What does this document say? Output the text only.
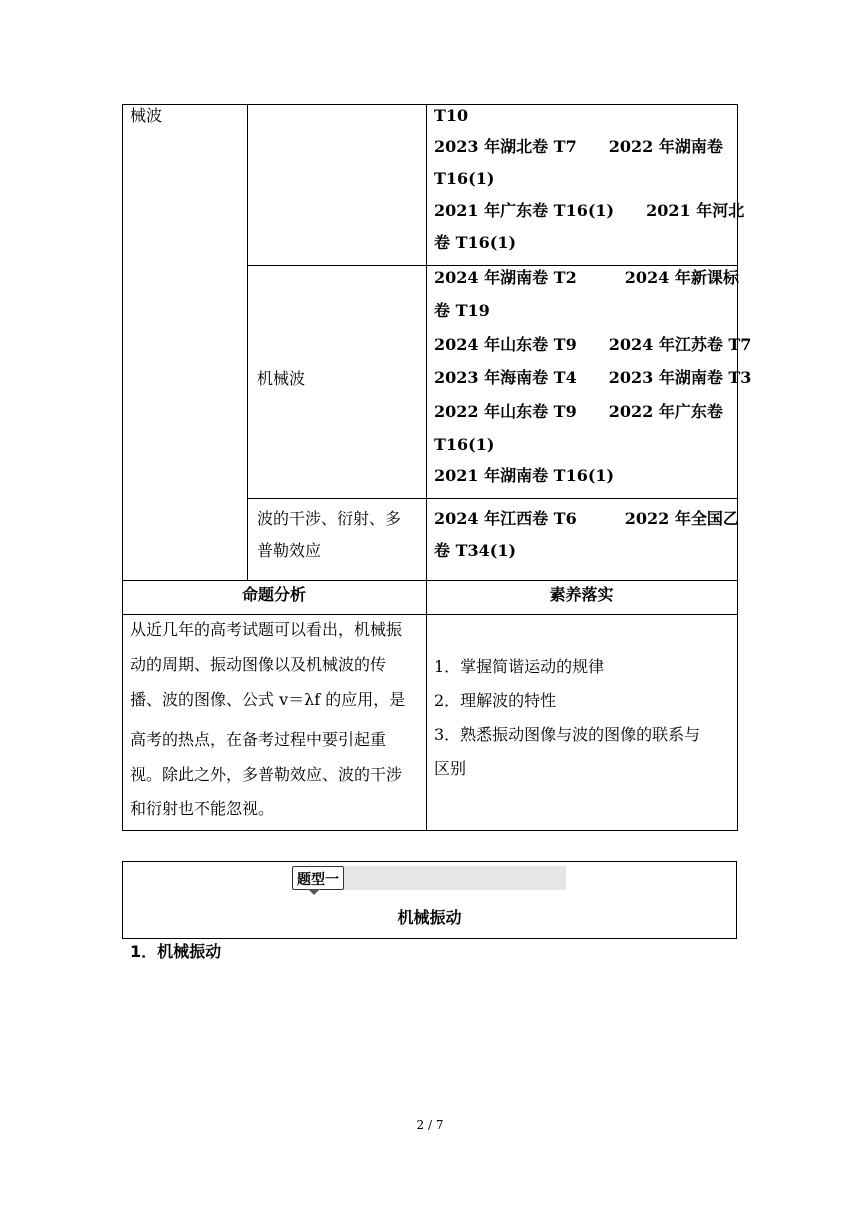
械波	T10
2023 年湖北卷 T7　　2022 年湖南卷
T16(1)
2021 年广东卷 T16(1)　　2021 年河北
卷 T16(1)
机械波
2024 年湖南卷 T2　　　2024 年新课标
卷 T19
2024 年山东卷 T9　　2024 年江苏卷 T7
2023 年海南卷 T4　　2023 年湖南卷 T3
2022 年山东卷 T9　　2022 年广东卷
T16(1)
2021 年湖南卷 T16(1)
波的干涉、衍射、多
普勒效应
2024 年江西卷 T6　　　2022 年全国乙
卷 T34(1)
命题分析	素养落实
从近几年的高考试题可以看出，机械振
动的周期、振动图像以及机械波的传
播、波的图像、公式 v＝λf 的应用，是
高考的热点，在备考过程中要引起重
视。除此之外，多普勒效应、波的干涉
和衍射也不能忽视。
1．掌握简谐运动的规律
2．理解波的特性
3．熟悉振动图像与波的图像的联系与
区别
题型一
机械振动
1．机械振动
2 / 7
